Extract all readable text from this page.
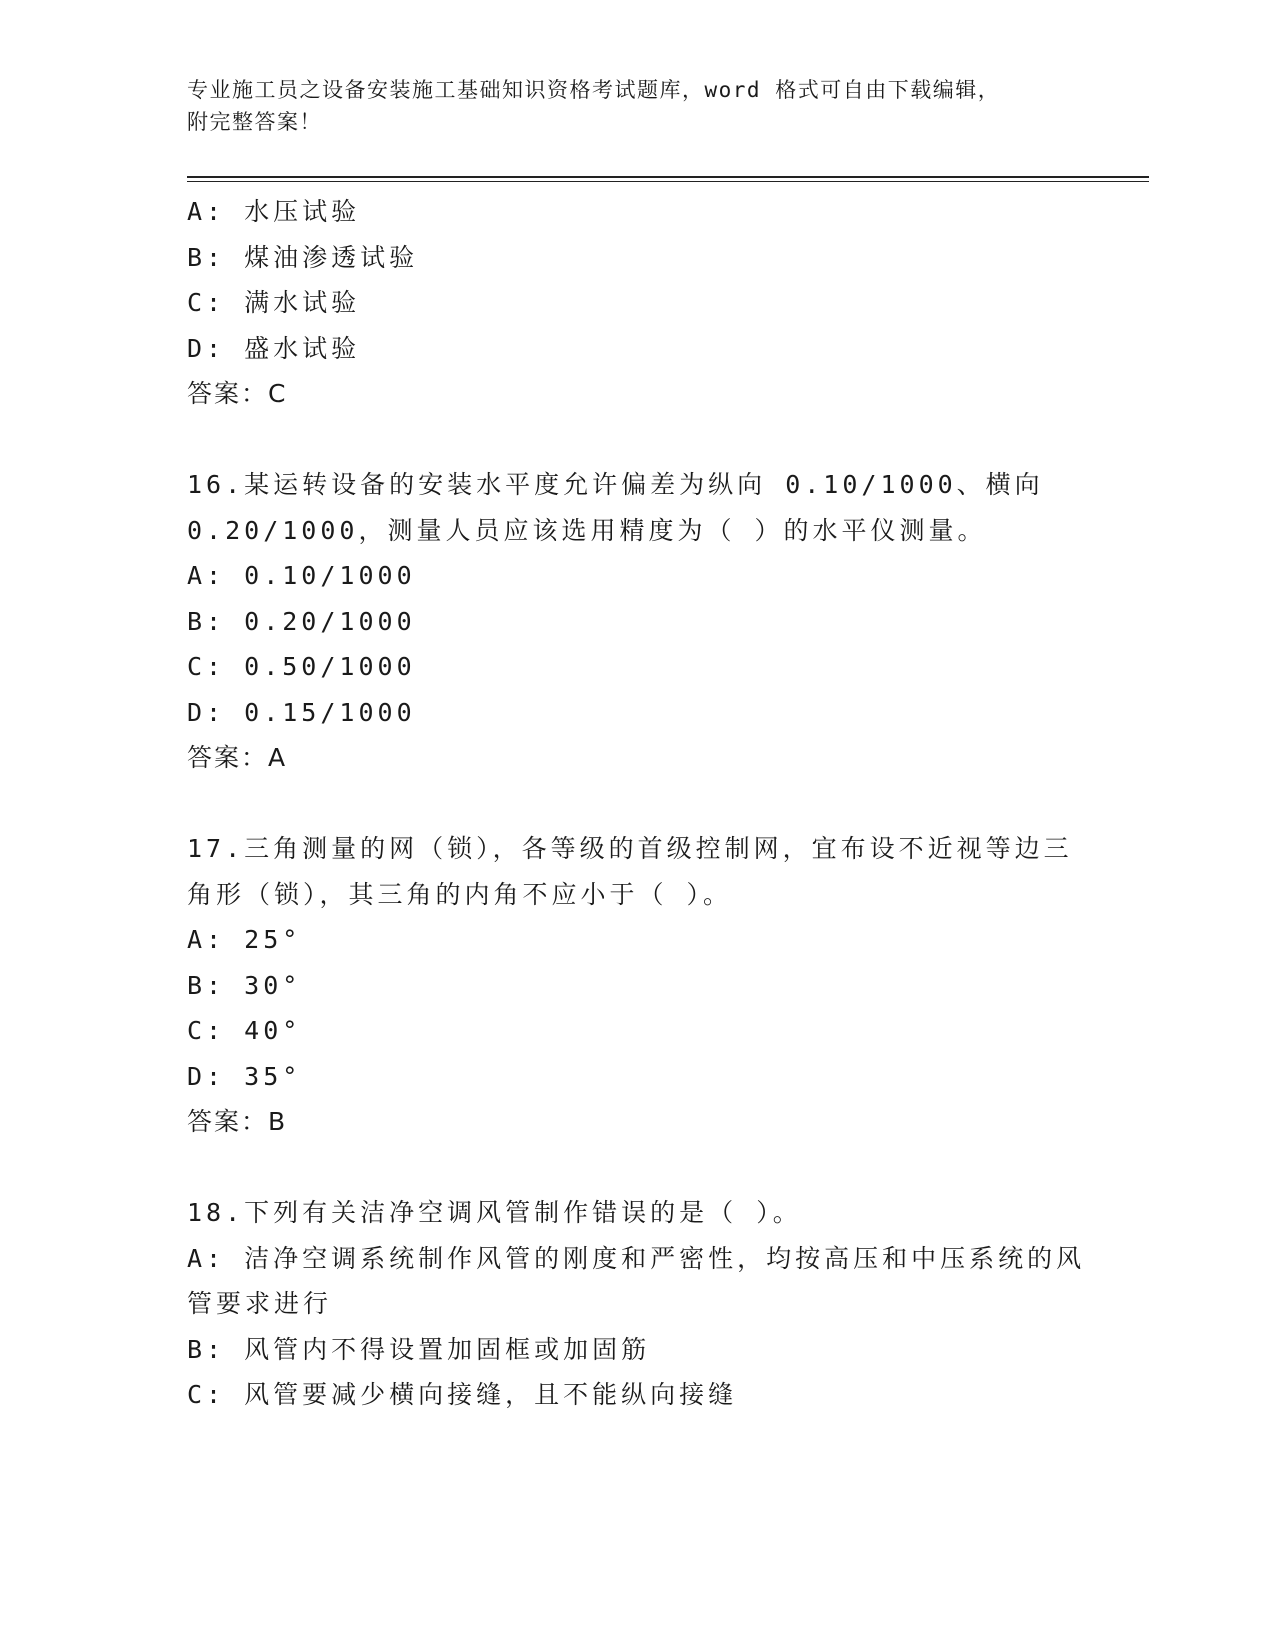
专业施工员之设备安装施工基础知识资格考试题库，word 格式可自由下载编辑，
附完整答案！
A: 水压试验
B: 煤油渗透试验
C: 满水试验
D: 盛水试验
答案：C
16.某运转设备的安装水平度允许偏差为纵向 0.10/1000、横向
0.20/1000，测量人员应该选用精度为（ ）的水平仪测量。
A: 0.10/1000
B: 0.20/1000
C: 0.50/1000
D: 0.15/1000
答案：A
17.三角测量的网（锁），各等级的首级控制网，宜布设不近视等边三
角形（锁），其三角的内角不应小于（ ）。
A: 25°
B: 30°
C: 40°
D: 35°
答案：B
18.下列有关洁净空调风管制作错误的是（ ）。
A: 洁净空调系统制作风管的刚度和严密性，均按高压和中压系统的风
管要求进行
B: 风管内不得设置加固框或加固筋
C: 风管要减少横向接缝，且不能纵向接缝
